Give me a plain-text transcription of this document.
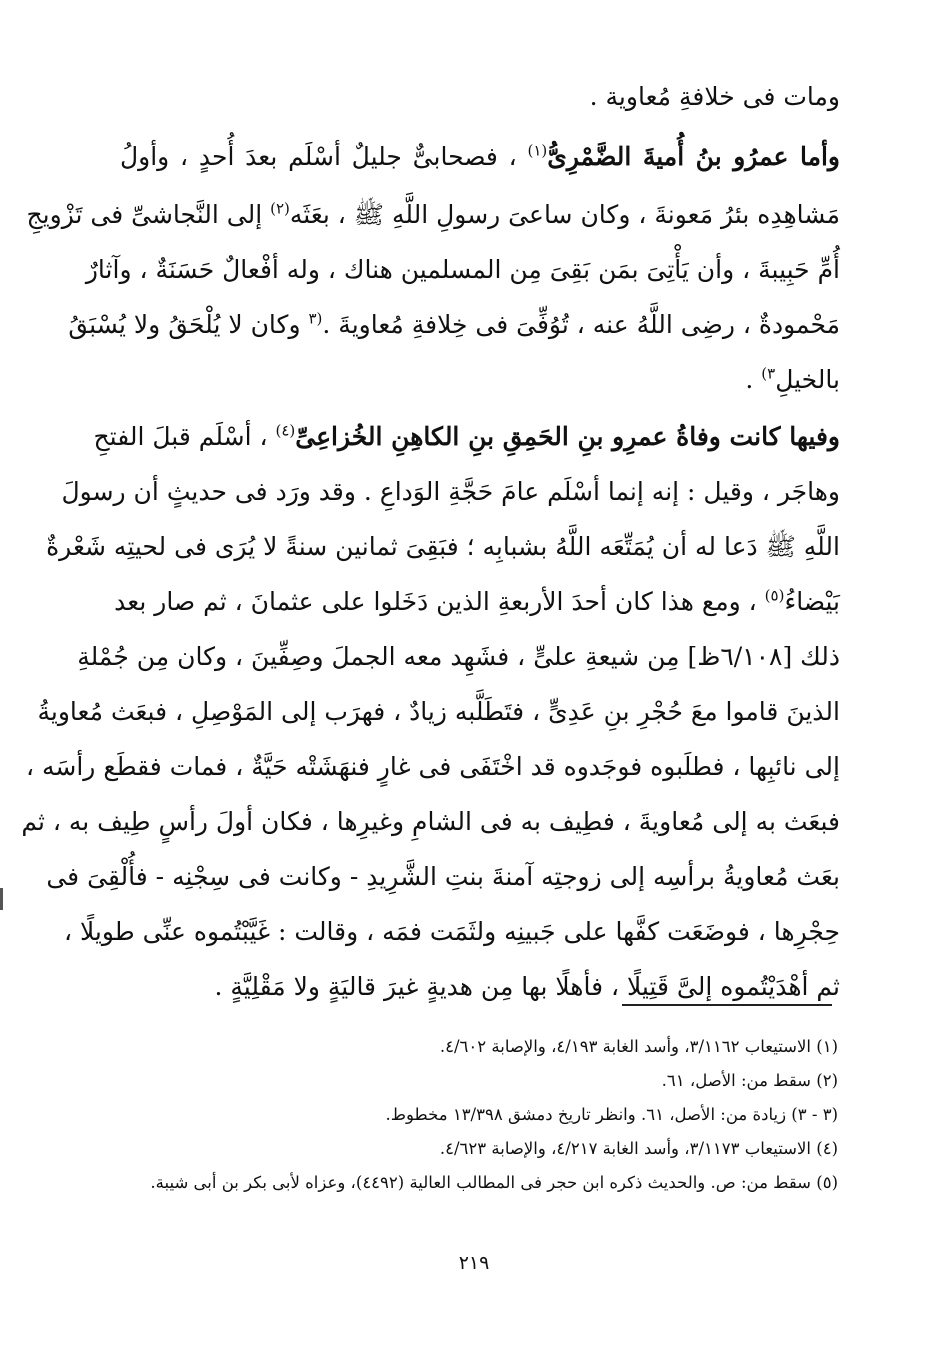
ومات فى خلافةِ مُعاوية .
وأما عمرُو بنُ أُميةَ الضَّمْرِىُّ$^{(١)}$ ، فصحابىٌّ جليلٌ أسْلَم بعدَ أُحدٍ ، وأولُ
مَشاهِدِه بئرُ مَعونةَ ، وكان ساعىَ رسولِ اللَّهِ ﷺ ، بعَثَه$^{(٢)}$ إلى النَّجاشىِّ فى تَزْويجِ
أُمِّ حَبِيبةَ ، وأن يَأْتِىَ بمَن بَقِىَ مِن المسلمين هناك ، وله أفْعالٌ حَسَنَةٌ ، وآثارٌ
مَحْمودةٌ ، رضِى اللَّهُ عنه ، تُوُفِّىَ فى خِلافةِ مُعاويةَ .$^{(٣}$ وكان لا يُلْحَقُ ولا يُسْبَقُ
بالخيلِ$^{٣)}$ .
وفيها كانت وفاةُ عمرِو بنِ الحَمِقِ بنِ الكاهِنِ الخُزاعِىِّ$^{(٤)}$ ، أسْلَم قبلَ الفتحِ
وهاجَر ، وقيل : إنه إنما أسْلَم عامَ حَجَّةِ الوَداعِ . وقد ورَد فى حديثٍ أن رسولَ
اللَّهِ ﷺ دَعا له أن يُمَتِّعَه اللَّهُ بشبابِه ؛ فبَقِىَ ثمانين سنةً لا يُرَى فى لحيتِه شَعْرةٌ
بَيْضاءُ$^{(٥)}$ ، ومع هذا كان أحدَ الأربعةِ الذين دَخَلوا على عثمانَ ، ثم صار بعد
ذلك [٦/١٠٨ظ] مِن شيعةِ علىٍّ ، فشَهِد معه الجملَ وصِفِّينَ ، وكان مِن جُمْلةِ
الذينَ قاموا معَ حُجْرِ بنِ عَدِىٍّ ، فتَطَلَّبه زيادٌ ، فهرَب إلى المَوْصِلِ ، فبعَث مُعاويةُ
إلى نائبِها ، فطلَبوه فوجَدوه قد اخْتَفَى فى غارٍ فنهَشَتْه حَيَّةٌ ، فمات فقطَع رأسَه ،
فبعَث به إلى مُعاويةَ ، فطِيف به فى الشامِ وغيرِها ، فكان أولَ رأسٍ طِيف به ، ثم
بعَث مُعاويةُ برأسِه إلى زوجتِه آمنةَ بنتِ الشَّرِيدِ - وكانت فى سِجْنِه - فأُلْقِىَ فى
حِجْرِها ، فوضَعَت كفَّها على جَبينِه ولثَمَت فمَه ، وقالت : غَيَّبْتُموه عنِّى طويلًا ،
ثم أهْدَيْتُموه إلىَّ قَتِيلًا ، فأهلًا بها مِن هديةٍ غيرَ قاليَةٍ ولا مَقْلِيَّةٍ .
(١) الاستيعاب ٣/١١٦٢، وأسد الغابة ٤/١٩٣، والإصابة ٤/٦٠٢.
(٢) سقط من: الأصل، ٦١.
(٣ - ٣) زيادة من: الأصل، ٦١. وانظر تاريخ دمشق ١٣/٣٩٨ مخطوط.
(٤) الاستيعاب ٣/١١٧٣، وأسد الغابة ٤/٢١٧، والإصابة ٤/٦٢٣.
(٥) سقط من: ص. والحديث ذكره ابن حجر فى المطالب العالية (٤٤٩٢)، وعزاه لأبى بكر بن أبى شيبة.
٢١٩
